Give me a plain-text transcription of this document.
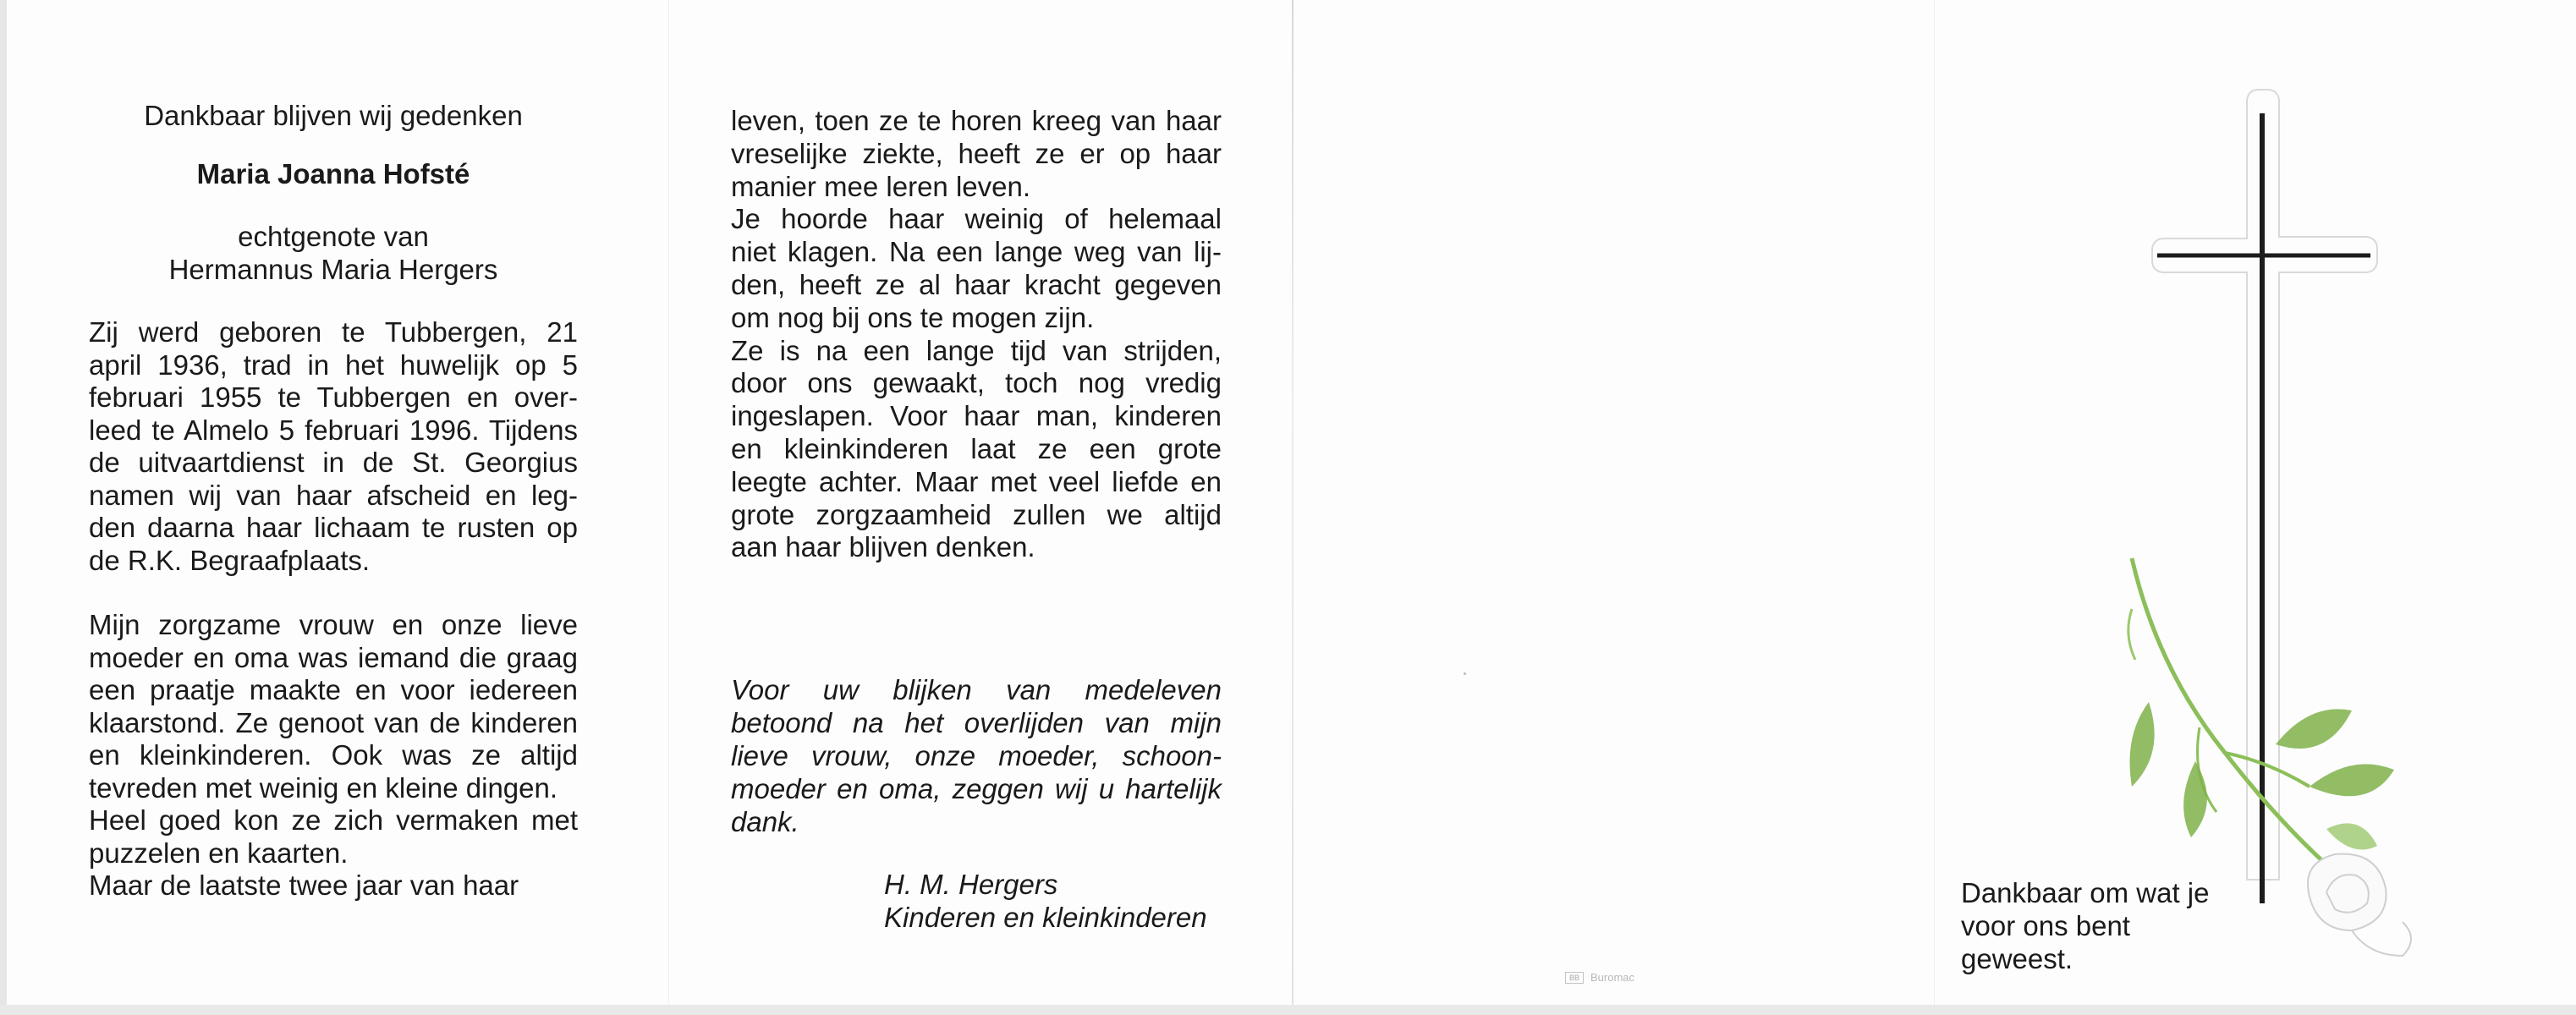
Dankbaar blijven wij gedenken
Maria Joanna Hofsté
echtgenote van
Hermannus Maria Hergers
Zij werd geboren te Tubbergen, 21
april 1936, trad in het huwelijk op 5
februari 1955 te Tubbergen en over-
leed te Almelo 5 februari 1996. Tijdens
de uitvaartdienst in de St. Georgius
namen wij van haar afscheid en leg-
den daarna haar lichaam te rusten op
de R.K. Begraafplaats.
Mijn zorgzame vrouw en onze lieve
moeder en oma was iemand die graag
een praatje maakte en voor iedereen
klaarstond. Ze genoot van de kinderen
en kleinkinderen. Ook was ze altijd
tevreden met weinig en kleine dingen.
Heel goed kon ze zich vermaken met
puzzelen en kaarten.
Maar de laatste twee jaar van haar
leven, toen ze te horen kreeg van haar
vreselijke ziekte, heeft ze er op haar
manier mee leren leven.
Je hoorde haar weinig of helemaal
niet klagen. Na een lange weg van lij-
den, heeft ze al haar kracht gegeven
om nog bij ons te mogen zijn.
Ze is na een lange tijd van strijden,
door ons gewaakt, toch nog vredig
ingeslapen. Voor haar man, kinderen
en kleinkinderen laat ze een grote
leegte achter. Maar met veel liefde en
grote zorgzaamheid zullen we altijd
aan haar blijven denken.
Voor uw blijken van medeleven
betoond na het overlijden van mijn
lieve vrouw, onze moeder, schoon-
moeder en oma, zeggen wij u hartelijk
dank.
H. M. Hergers
Kinderen en kleinkinderen
BB	Buromac
Dankbaar om wat je
voor ons bent
geweest.
